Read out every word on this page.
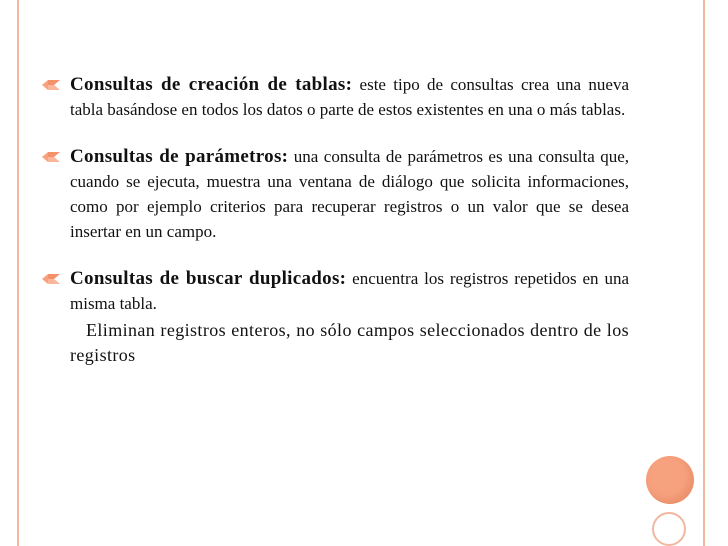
Consultas de creación de tablas: este tipo de consultas crea una nueva tabla basándose en todos los datos o parte de estos existentes en una o más tablas.
Consultas de parámetros: una consulta de parámetros es una consulta que, cuando se ejecuta, muestra una ventana de diálogo que solicita informaciones, como por ejemplo criterios para recuperar registros o un valor que se desea insertar en un campo.
Consultas de buscar duplicados: encuentra los registros repetidos en una misma tabla.
Eliminan registros enteros, no sólo campos seleccionados dentro de los registros
